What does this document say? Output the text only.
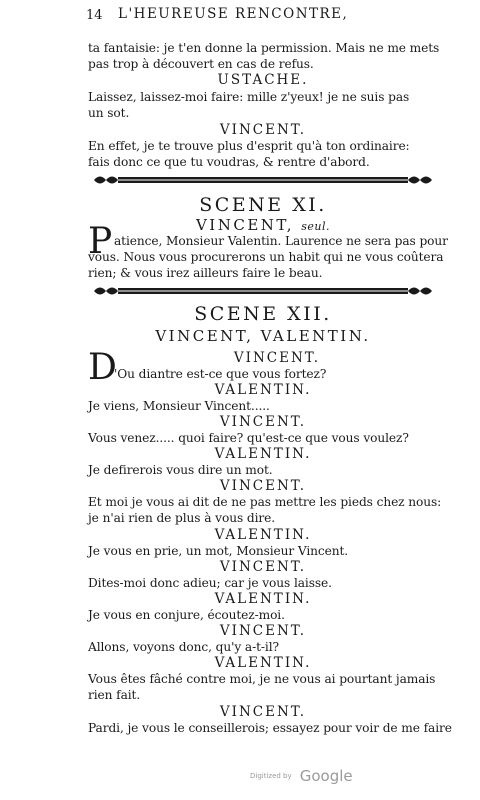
14 L'HEUREUSE RENCONTRE,
ta fantaisie: je t'en donne la permission. Mais ne me mets
pas trop à découvert en cas de refus.
USTACHE.
Laissez, laissez-moi faire: mille z'yeux! je ne suis pas
un sot.
VINCENT.
En effet, je te trouve plus d'esprit qu'à ton ordinaire:
fais donc ce que tu voudras, & rentre d'abord.
SCENE XI.
VINCENT, seul.
P atience, Monsieur Valentin. Laurence ne sera pas pour
vous. Nous vous procurerons un habit qui ne vous coûtera
rien; & vous irez ailleurs faire le beau.
SCENE XII.
VINCENT, VALENTIN.
D	VINCENT.
'Ou diantre est-ce que vous fortez?
VALENTIN.
Je viens, Monsieur Vincent.....
VINCENT.
Vous venez..... quoi faire? qu'est-ce que vous voulez?
VALENTIN.
Je defirerois vous dire un mot.
VINCENT.
Et moi je vous ai dit de ne pas mettre les pieds chez nous:
je n'ai rien de plus à vous dire.
VALENTIN.
Je vous en prie, un mot, Monsieur Vincent.
VINCENT.
Dites-moi donc adieu; car je vous laisse.
VALENTIN.
Je vous en conjure, écoutez-moi.
VINCENT.
Allons, voyons donc, qu'y a-t-il?
VALENTIN.
Vous êtes fâché contre moi, je ne vous ai pourtant jamais
rien fait.
VINCENT.
Pardi, je vous le conseillerois; essayez pour voir de me faire
Digitized by Google
